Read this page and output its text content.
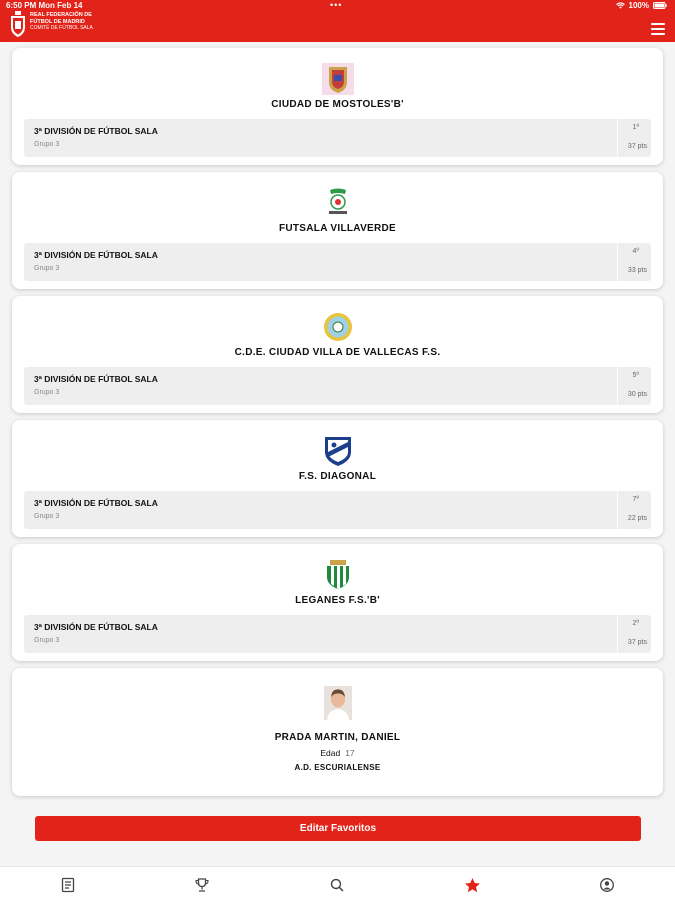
6:50 PM Mon Feb 14	•••	100%
REAL FEDERACIÓN DE
FÚTBOL DE MADRID
COMITÉ DE FÚTBOL SALA
CIUDAD DE MOSTOLES'B'
3ª DIVISIÓN DE FÚTBOL SALA
Grupo 3
1º
37 pts
FUTSALA VILLAVERDE
3ª DIVISIÓN DE FÚTBOL SALA
Grupo 3
4º
33 pts
C.D.E. CIUDAD VILLA DE VALLECAS F.S.
3ª DIVISIÓN DE FÚTBOL SALA
Grupo 3
5º
30 pts
F.S. DIAGONAL
3ª DIVISIÓN DE FÚTBOL SALA
Grupo 3
7º
22 pts
LEGANES F.S.'B'
3ª DIVISIÓN DE FÚTBOL SALA
Grupo 3
2º
37 pts
PRADA MARTIN, DANIEL
Edad 17
A.D. ESCURIALENSE
Editar Favoritos
